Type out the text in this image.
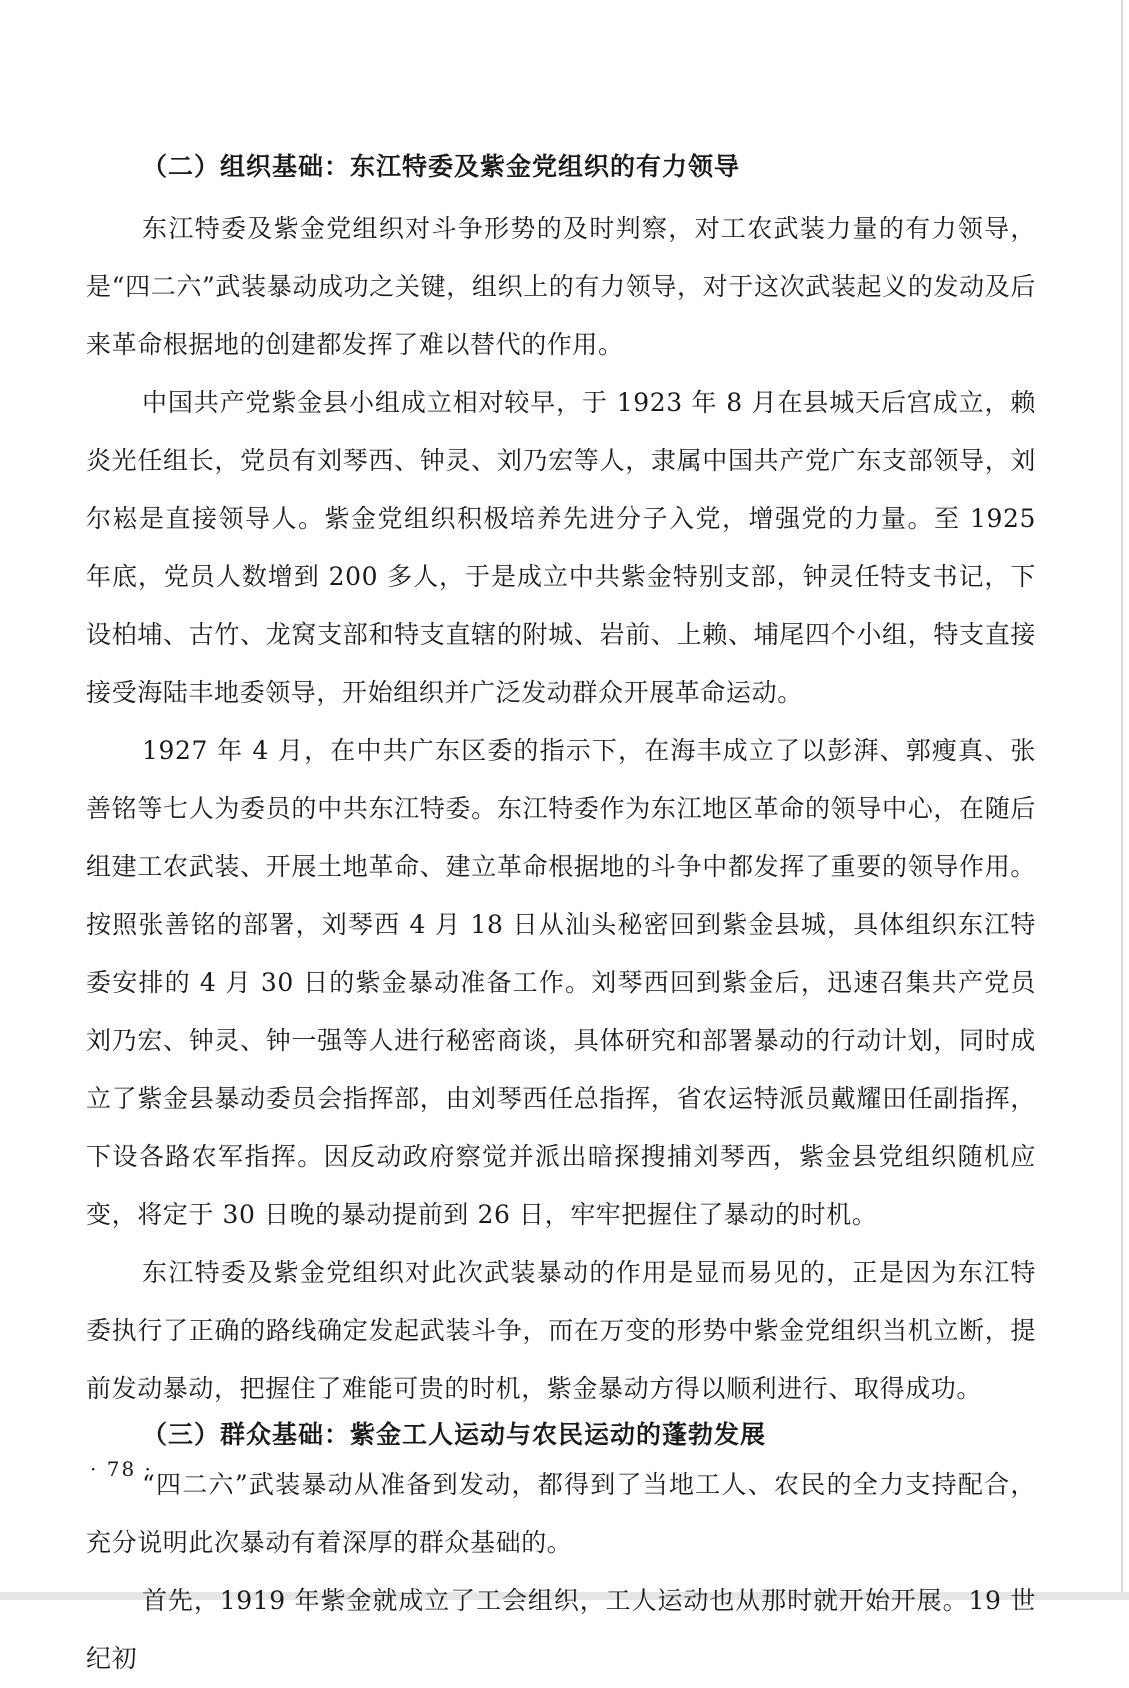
（二）组织基础：东江特委及紫金党组织的有力领导

东江特委及紫金党组织对斗争形势的及时判察，对工农武装力量的有力领导，是“四二六”武装暴动成功之关键，组织上的有力领导，对于这次武装起义的发动及后来革命根据地的创建都发挥了难以替代的作用。

中国共产党紫金县小组成立相对较早，于 1923 年 8 月在县城天后宫成立，赖炎光任组长，党员有刘琴西、钟灵、刘乃宏等人，隶属中国共产党广东支部领导，刘尔崧是直接领导人。紫金党组织积极培养先进分子入党，增强党的力量。至 1925 年底，党员人数增到 200 多人，于是成立中共紫金特别支部，钟灵任特支书记，下设柏埔、古竹、龙窝支部和特支直辖的附城、岩前、上赖、埔尾四个小组，特支直接接受海陆丰地委领导，开始组织并广泛发动群众开展革命运动。

1927 年 4 月，在中共广东区委的指示下，在海丰成立了以彭湃、郭瘦真、张善铭等七人为委员的中共东江特委。东江特委作为东江地区革命的领导中心，在随后组建工农武装、开展土地革命、建立革命根据地的斗争中都发挥了重要的领导作用。按照张善铭的部署，刘琴西 4 月 18 日从汕头秘密回到紫金县城，具体组织东江特委安排的 4 月 30 日的紫金暴动准备工作。刘琴西回到紫金后，迅速召集共产党员刘乃宏、钟灵、钟一强等人进行秘密商谈，具体研究和部署暴动的行动计划，同时成立了紫金县暴动委员会指挥部，由刘琴西任总指挥，省农运特派员戴耀田任副指挥，下设各路农军指挥。因反动政府察觉并派出暗探搜捕刘琴西，紫金县党组织随机应变，将定于 30 日晚的暴动提前到 26 日，牢牢把握住了暴动的时机。

东江特委及紫金党组织对此次武装暴动的作用是显而易见的，正是因为东江特委执行了正确的路线确定发起武装斗争，而在万变的形势中紫金党组织当机立断，提前发动暴动，把握住了难能可贵的时机，紫金暴动方得以顺利进行、取得成功。

（三）群众基础：紫金工人运动与农民运动的蓬勃发展

“四二六”武装暴动从准备到发动，都得到了当地工人、农民的全力支持配合，充分说明此次暴动有着深厚的群众基础的。

首先，1919 年紫金就成立了工会组织，工人运动也从那时就开始开展。19 世纪初

· 78 ·
